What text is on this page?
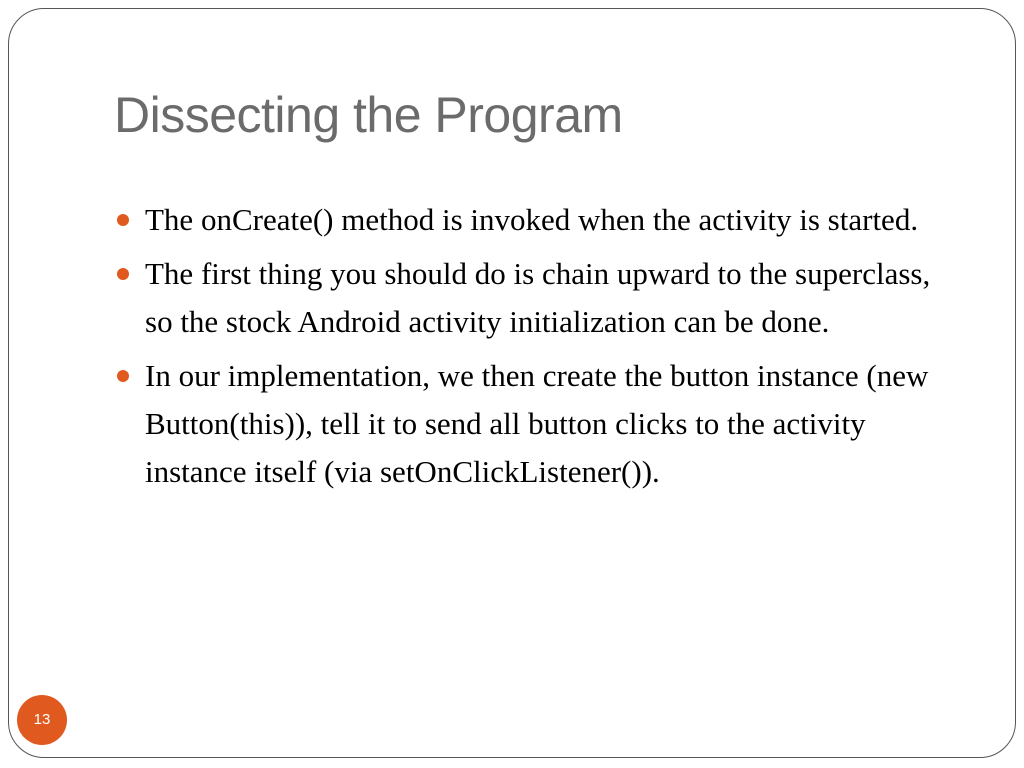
Dissecting the Program
The onCreate() method is invoked when the activity is started.
The first thing you should do is chain upward to the superclass, so the stock Android activity initialization can be done.
In our implementation, we then create the button instance (new Button(this)), tell it to send all button clicks to the activity instance itself (via setOnClickListener()).
13
